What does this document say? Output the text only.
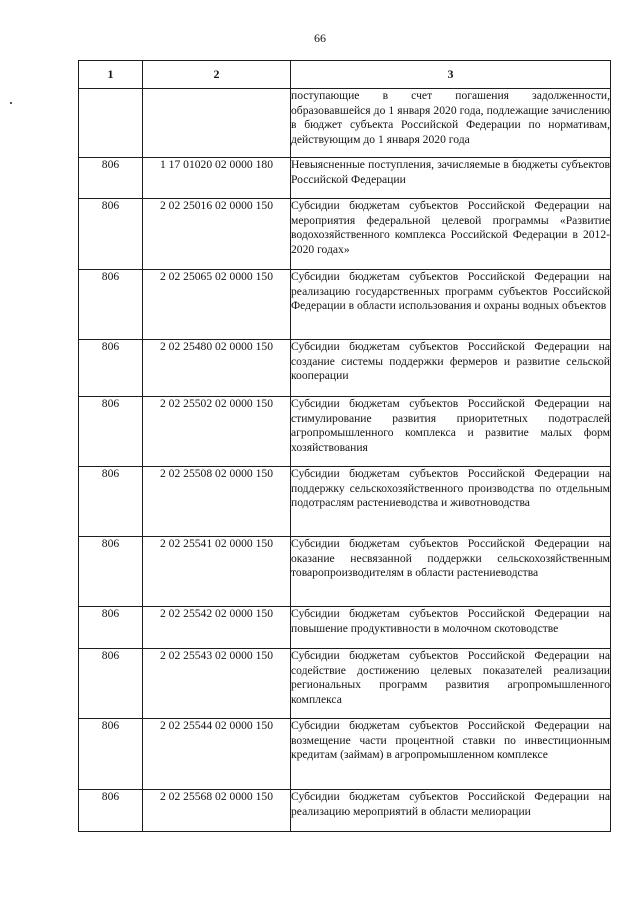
66
1	2	3
		поступающие в счет погашения задолженности, образовавшейся до 1 января 2020 года, подлежащие зачислению в бюджет субъекта Российской Федерации по нормативам, действующим до 1 января 2020 года
806	1 17 01020 02 0000 180	Невыясненные поступления, зачисляемые в бюджеты субъектов Российской Федерации
806	2 02 25016 02 0000 150	Субсидии бюджетам субъектов Российской Федерации на мероприятия федеральной целевой программы «Развитие водохозяйственного комплекса Российской Федерации в 2012-2020 годах»
806	2 02 25065 02 0000 150	Субсидии бюджетам субъектов Российской Федерации на реализацию государственных программ субъектов Российской Федерации в области использования и охраны водных объектов
806	2 02 25480 02 0000 150	Субсидии бюджетам субъектов Российской Федерации на создание системы поддержки фермеров и развитие сельской кооперации
806	2 02 25502 02 0000 150	Субсидии бюджетам субъектов Российской Федерации на стимулирование развития приоритетных подотраслей агропромышленного комплекса и развитие малых форм хозяйствования
806	2 02 25508 02 0000 150	Субсидии бюджетам субъектов Российской Федерации на поддержку сельскохозяйственного производства по отдельным подотраслям растениеводства и животноводства
806	2 02 25541 02 0000 150	Субсидии бюджетам субъектов Российской Федерации на оказание несвязанной поддержки сельскохозяйственным товаропроизводителям в области растениеводства
806	2 02 25542 02 0000 150	Субсидии бюджетам субъектов Российской Федерации на повышение продуктивности в молочном скотоводстве
806	2 02 25543 02 0000 150	Субсидии бюджетам субъектов Российской Федерации на содействие достижению целевых показателей реализации региональных программ развития агропромышленного комплекса
806	2 02 25544 02 0000 150	Субсидии бюджетам субъектов Российской Федерации на возмещение части процентной ставки по инвестиционным кредитам (займам) в агропромышленном комплексе
806	2 02 25568 02 0000 150	Субсидии бюджетам субъектов Российской Федерации на реализацию мероприятий в области мелиорации
